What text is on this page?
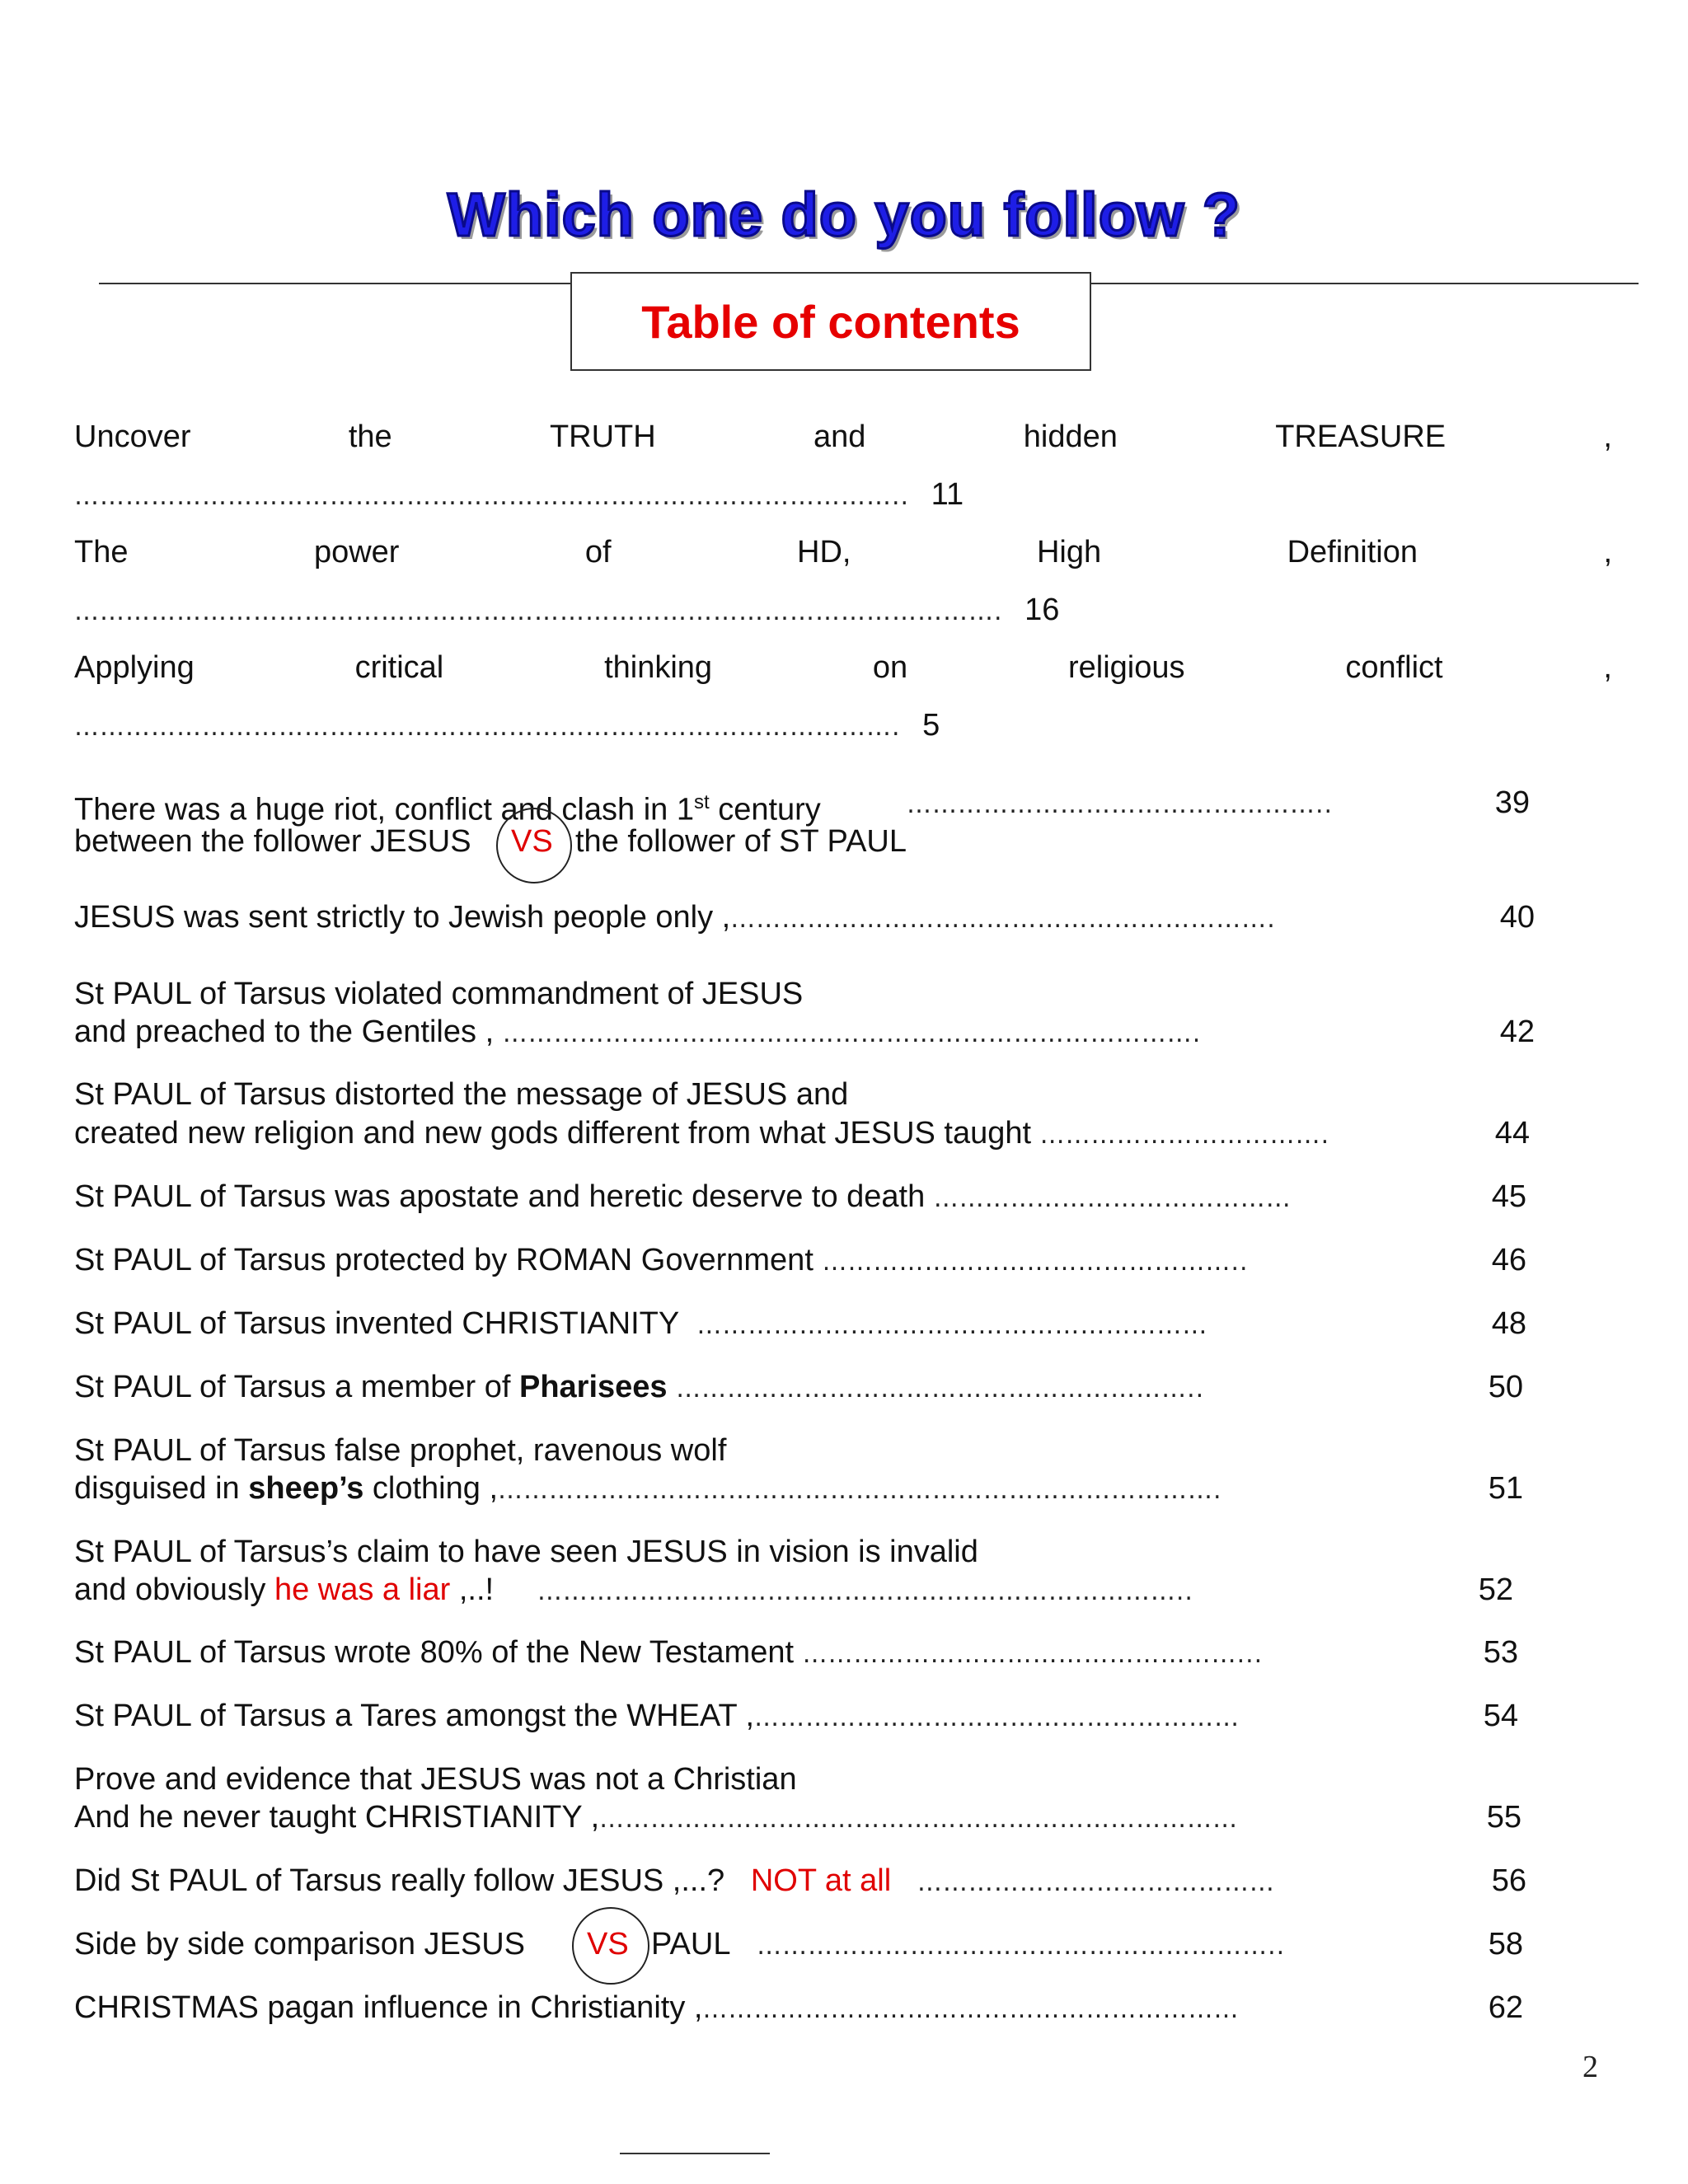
Which one do you follow ?
Table of contents
Uncover	the	TRUTH	and	hidden	TREASURE	,
…………………………………………………………………………………….. 11
The	power	of	HD,	High	Definition	,
………………………………………………………………………………………………. 16
Applying	critical	thinking	on	religious	conflict	,
……………………………………………………………………………………. 5
There was a huge riot, conflict and clash in 1st century	…………………………………………..	39
between the follower JESUS VS the follower of ST PAUL
JESUS was sent strictly to Jewish people only ,……………………………………………………….	40
St PAUL of Tarsus violated commandment of JESUS
and preached to the Gentiles , ……………………………………………………………………….	42
St PAUL of Tarsus distorted the message of JESUS and
created new religion and new gods different from what JESUS taught …………………………….	44
St PAUL of Tarsus was apostate and heretic deserve to death ……………………………………	45
St PAUL of Tarsus protected by ROMAN Government …………………………………………..	46
St PAUL of Tarsus invented CHRISTIANITY ……………………………………………………	48
St PAUL of Tarsus a member of Pharisees ……………………………………………………..	50
St PAUL of Tarsus false prophet, ravenous wolf
disguised in sheep’s clothing ,………………………………………………………………………….	51
St PAUL of Tarsus’s claim to have seen JESUS in vision is invalid
and obviously he was a liar ,..! …………………………………………………………………..	52
St PAUL of Tarsus wrote 80% of the New Testament ……………………………………………...	53
St PAUL of Tarsus a Tares amongst the WHEAT ,…………………………………………………	54
Prove and evidence that JESUS was not a Christian
And he never taught CHRISTIANITY ,…………………………………………………………………	55
Did St PAUL of Tarsus really follow JESUS ,...? NOT at all ……………………………………	56
Side by side comparison JESUS VS PAUL ……………………………………………………..	58
CHRISTMAS pagan influence in Christianity ,………………………………………………………	62
2
